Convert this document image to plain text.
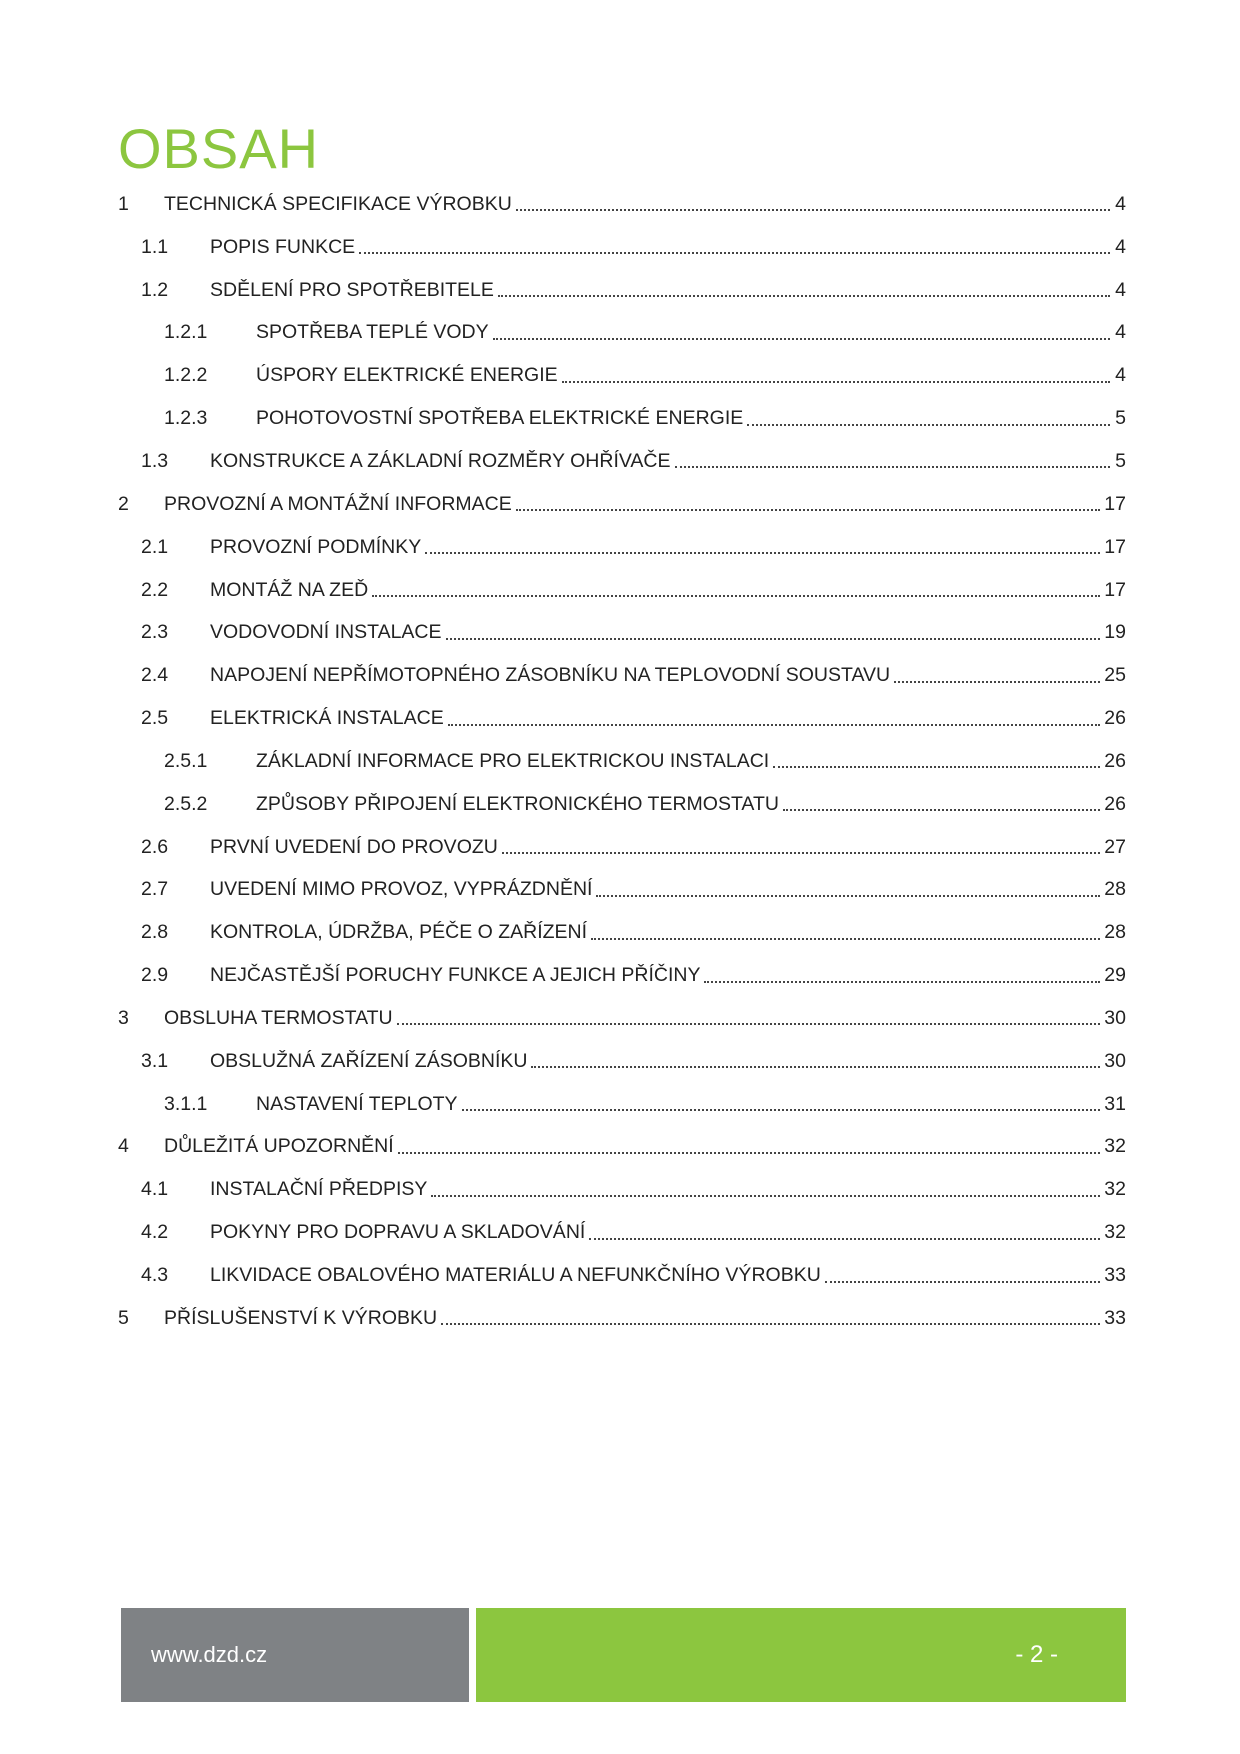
OBSAH
1	TECHNICKÁ SPECIFIKACE VÝROBKU	4
1.1	POPIS FUNKCE	4
1.2	SDĚLENÍ PRO SPOTŘEBITELE	4
1.2.1	SPOTŘEBA TEPLÉ VODY	4
1.2.2	ÚSPORY ELEKTRICKÉ ENERGIE	4
1.2.3	POHOTOVOSTNÍ SPOTŘEBA ELEKTRICKÉ ENERGIE	5
1.3	KONSTRUKCE A ZÁKLADNÍ ROZMĚRY OHŘÍVAČE	5
2	PROVOZNÍ A MONTÁŽNÍ INFORMACE	17
2.1	PROVOZNÍ PODMÍNKY	17
2.2	MONTÁŽ NA ZEĎ	17
2.3	VODOVODNÍ INSTALACE	19
2.4	NAPOJENÍ NEPŘÍMOTOPNÉHO ZÁSOBNÍKU NA TEPLOVODNÍ SOUSTAVU	25
2.5	ELEKTRICKÁ INSTALACE	26
2.5.1	ZÁKLADNÍ INFORMACE PRO ELEKTRICKOU INSTALACI	26
2.5.2	ZPŮSOBY PŘIPOJENÍ ELEKTRONICKÉHO TERMOSTATU	26
2.6	PRVNÍ UVEDENÍ DO PROVOZU	27
2.7	UVEDENÍ MIMO PROVOZ, VYPRÁZDNĚNÍ	28
2.8	KONTROLA, ÚDRŽBA, PÉČE O ZAŘÍZENÍ	28
2.9	NEJČASTĚJŠÍ PORUCHY FUNKCE A JEJICH PŘÍČINY	29
3	OBSLUHA TERMOSTATU	30
3.1	OBSLUŽNÁ ZAŘÍZENÍ ZÁSOBNÍKU	30
3.1.1	NASTAVENÍ TEPLOTY	31
4	DŮLEŽITÁ UPOZORNĚNÍ	32
4.1	INSTALAČNÍ PŘEDPISY	32
4.2	POKYNY PRO DOPRAVU A SKLADOVÁNÍ	32
4.3	LIKVIDACE OBALOVÉHO MATERIÁLU A NEFUNKČNÍHO VÝROBKU	33
5	PŘÍSLUŠENSTVÍ K VÝROBKU	33
www.dzd.cz	- 2 -
